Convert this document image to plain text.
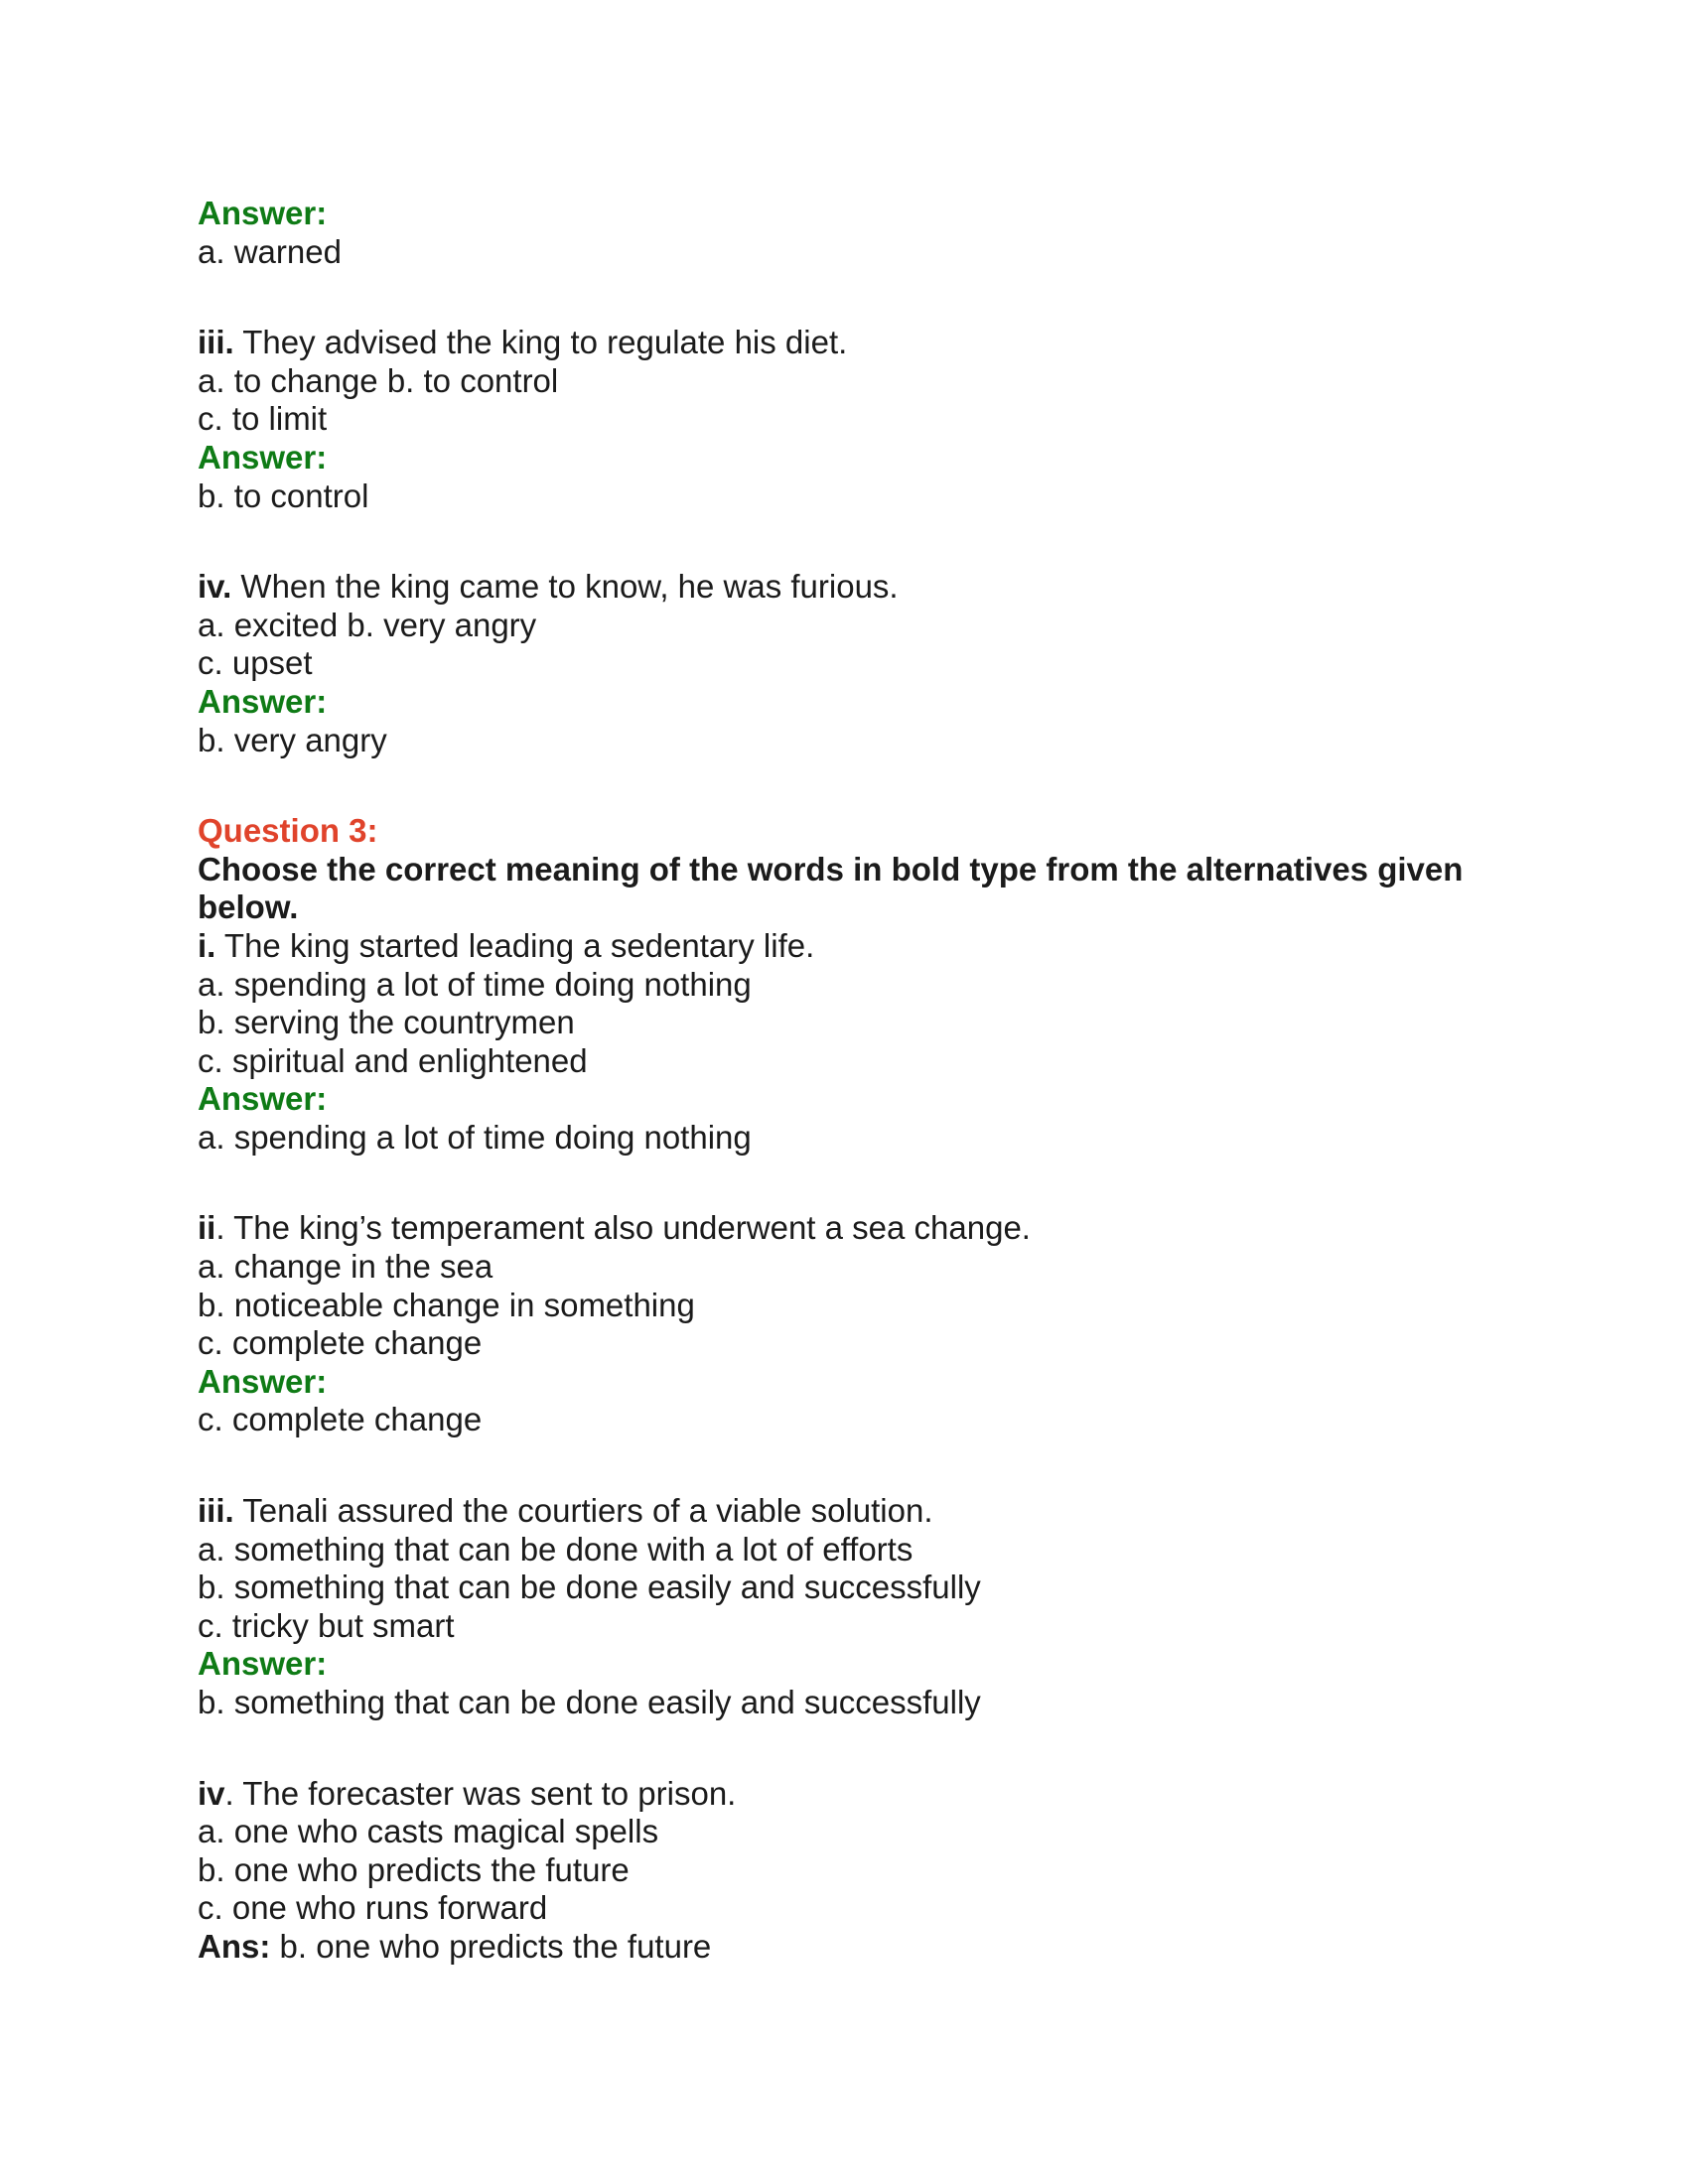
Answer:
a. warned
iii. They advised the king to regulate his diet.
a. to change b. to control
c. to limit
Answer:
b. to control
iv. When the king came to know, he was furious.
a. excited b. very angry
c. upset
Answer:
b. very angry
Question 3:
Choose the correct meaning of the words in bold type from the alternatives given below.
i. The king started leading a sedentary life.
a. spending a lot of time doing nothing
b. serving the countrymen
c. spiritual and enlightened
Answer:
a. spending a lot of time doing nothing
ii. The king’s temperament also underwent a sea change.
a. change in the sea
b. noticeable change in something
c. complete change
Answer:
c. complete change
iii. Tenali assured the courtiers of a viable solution.
a. something that can be done with a lot of efforts
b. something that can be done easily and successfully
c. tricky but smart
Answer:
b. something that can be done easily and successfully
iv. The forecaster was sent to prison.
a. one who casts magical spells
b. one who predicts the future
c. one who runs forward
Ans: b. one who predicts the future
